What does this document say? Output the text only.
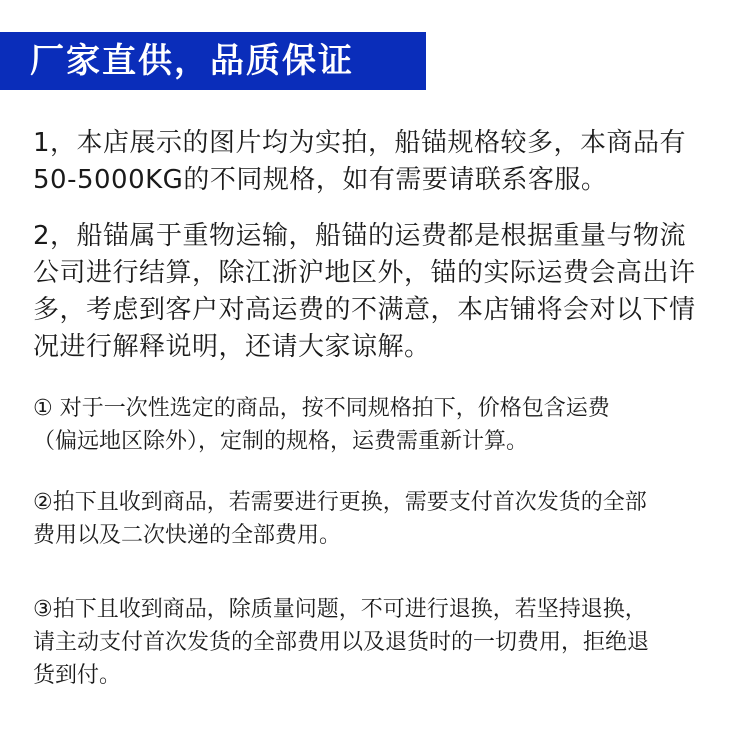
厂家直供，品质保证
1，本店展示的图片均为实拍，船锚规格较多，本商品有
50-5000KG的不同规格，如有需要请联系客服。
2，船锚属于重物运输，船锚的运费都是根据重量与物流
公司进行结算，除江浙沪地区外，锚的实际运费会高出许
多，考虑到客户对高运费的不满意，本店铺将会对以下情
况进行解释说明，还请大家谅解。
① 对于一次性选定的商品，按不同规格拍下，价格包含运费
（偏远地区除外），定制的规格，运费需重新计算。
②拍下且收到商品，若需要进行更换，需要支付首次发货的全部
费用以及二次快递的全部费用。
③拍下且收到商品，除质量问题，不可进行退换，若坚持退换，
请主动支付首次发货的全部费用以及退货时的一切费用，拒绝退
货到付。
